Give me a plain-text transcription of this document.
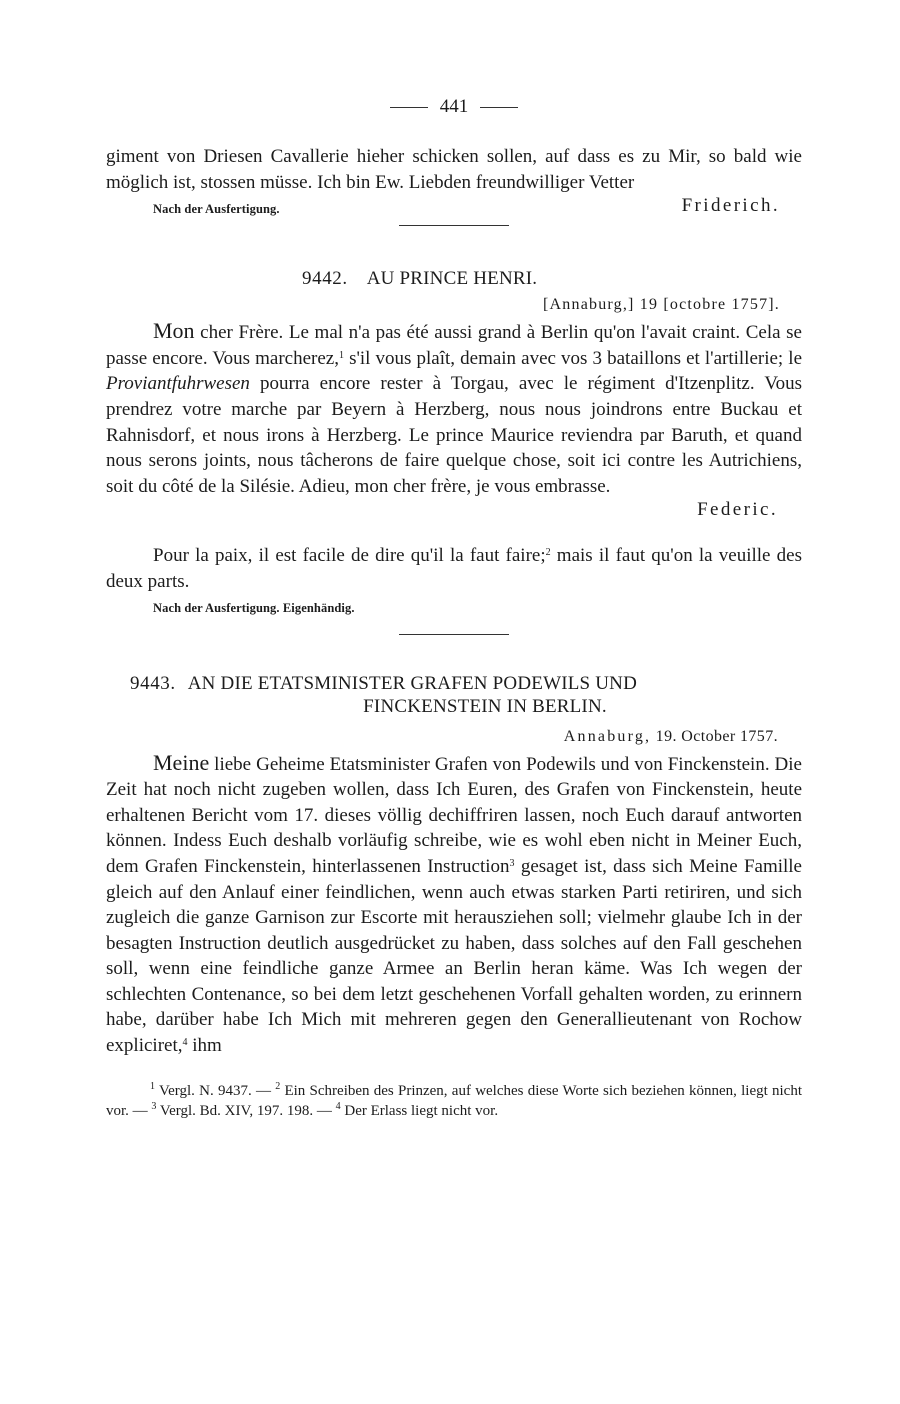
441

giment von Driesen Cavallerie hieher schicken sollen, auf dass es zu Mir, so bald wie möglich ist, stossen müsse. Ich bin Ew. Liebden freundwilliger Vetter

Nach der Ausfertigung.	Friderich.
9442. AU PRINCE HENRI.
[Annaburg,] 19 [octobre 1757].

Mon cher Frère. Le mal n'a pas été aussi grand à Berlin qu'on l'avait craint. Cela se passe encore. Vous marcherez,$^1$ s'il vous plaît, demain avec vos 3 bataillons et l'artillerie; le Proviantfuhrwesen pourra encore rester à Torgau, avec le régiment d'Itzenplitz. Vous prendrez votre marche par Beyern à Herzberg, nous nous joindrons entre Buckau et Rahnisdorf, et nous irons à Herzberg. Le prince Maurice reviendra par Baruth, et quand nous serons joints, nous tâcherons de faire quelque chose, soit ici contre les Autrichiens, soit du côté de la Silésie. Adieu, mon cher frère, je vous embrasse.

Federic.

Pour la paix, il est facile de dire qu'il la faut faire;$^2$ mais il faut qu'on la veuille des deux parts.

Nach der Ausfertigung. Eigenhändig.
9443. AN DIE ETATSMINISTER GRAFEN PODEWILS UND
FINCKENSTEIN IN BERLIN.
Annaburg, 19. October 1757.

Meine liebe Geheime Etatsminister Grafen von Podewils und von Finckenstein. Die Zeit hat noch nicht zugeben wollen, dass Ich Euren, des Grafen von Finckenstein, heute erhaltenen Bericht vom 17. dieses völlig dechiffriren lassen, noch Euch darauf antworten können. Indess Euch deshalb vorläufig schreibe, wie es wohl eben nicht in Meiner Euch, dem Grafen Finckenstein, hinterlassenen Instruction$^3$ gesaget ist, dass sich Meine Famille gleich auf den Anlauf einer feindlichen, wenn auch etwas starken Parti retiriren, und sich zugleich die ganze Garnison zur Escorte mit herausziehen soll; vielmehr glaube Ich in der besagten Instruction deutlich ausgedrücket zu haben, dass solches auf den Fall geschehen soll, wenn eine feindliche ganze Armee an Berlin heran käme. Was Ich wegen der schlechten Contenance, so bei dem letzt geschehenen Vorfall gehalten worden, zu erinnern habe, darüber habe Ich Mich mit mehreren gegen den Generallieutenant von Rochow expliciret,$^4$ ihm

$^1$ Vergl. N. 9437. — $^2$ Ein Schreiben des Prinzen, auf welches diese Worte sich beziehen können, liegt nicht vor. — $^3$ Vergl. Bd. XIV, 197. 198. — $^4$ Der Erlass liegt nicht vor.
